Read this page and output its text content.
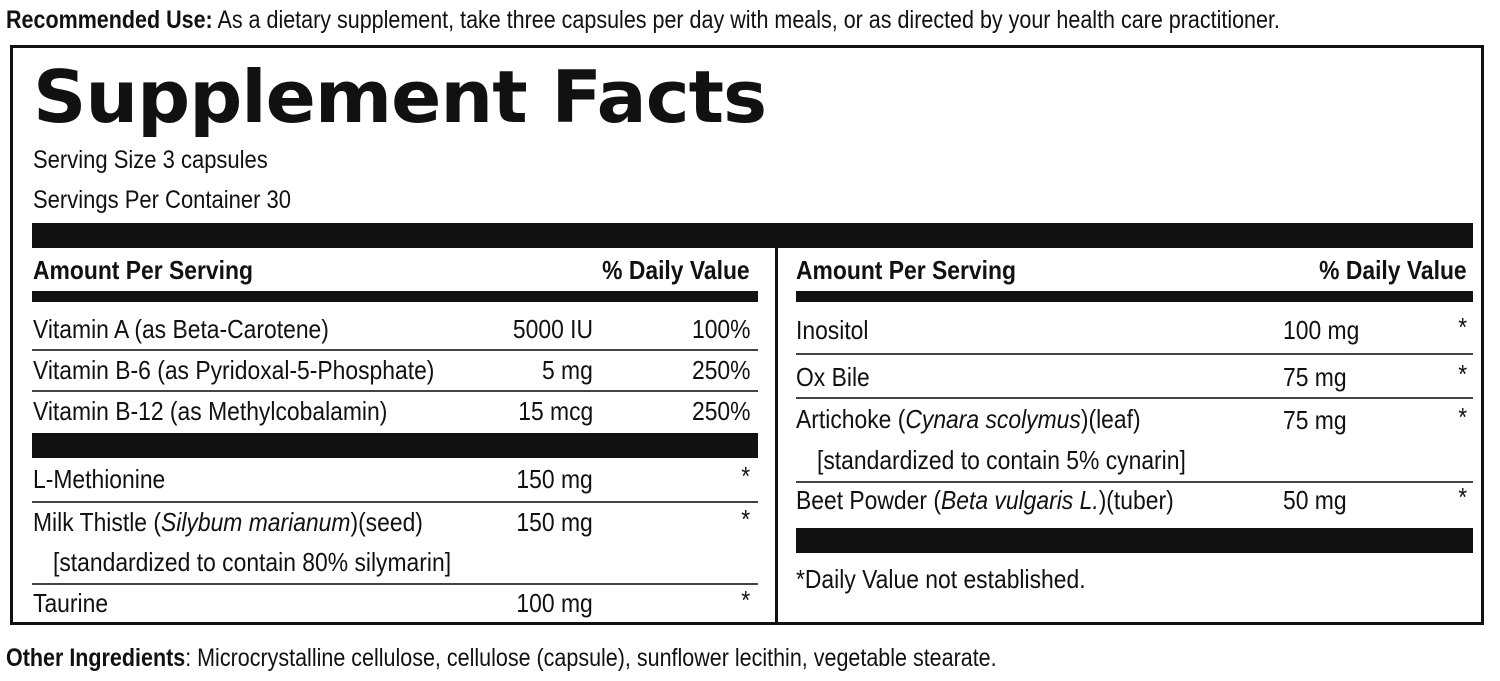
Recommended Use: As a dietary supplement, take three capsules per day with meals, or as directed by your health care practitioner.
Supplement Facts
Serving Size 3 capsules
Servings Per Container 30
Amount Per Serving	% Daily Value
Vitamin A (as Beta-Carotene)	5000 IU	100%
Vitamin B-6 (as Pyridoxal-5-Phosphate)	5 mg	250%
Vitamin B-12 (as Methylcobalamin)	15 mcg	250%
L-Methionine	150 mg	*
Milk Thistle (Silybum marianum)(seed)
[standardized to contain 80% silymarin]
150 mg	*
Taurine	100 mg	*
Amount Per Serving	% Daily Value
Inositol	100 mg	*
Ox Bile	75 mg	*
Artichoke (Cynara scolymus)(leaf)
[standardized to contain 5% cynarin]
75 mg	*
Beet Powder (Beta vulgaris L.)(tuber)	50 mg	*
*Daily Value not established.
Other Ingredients: Microcrystalline cellulose, cellulose (capsule), sunflower lecithin, vegetable stearate.
